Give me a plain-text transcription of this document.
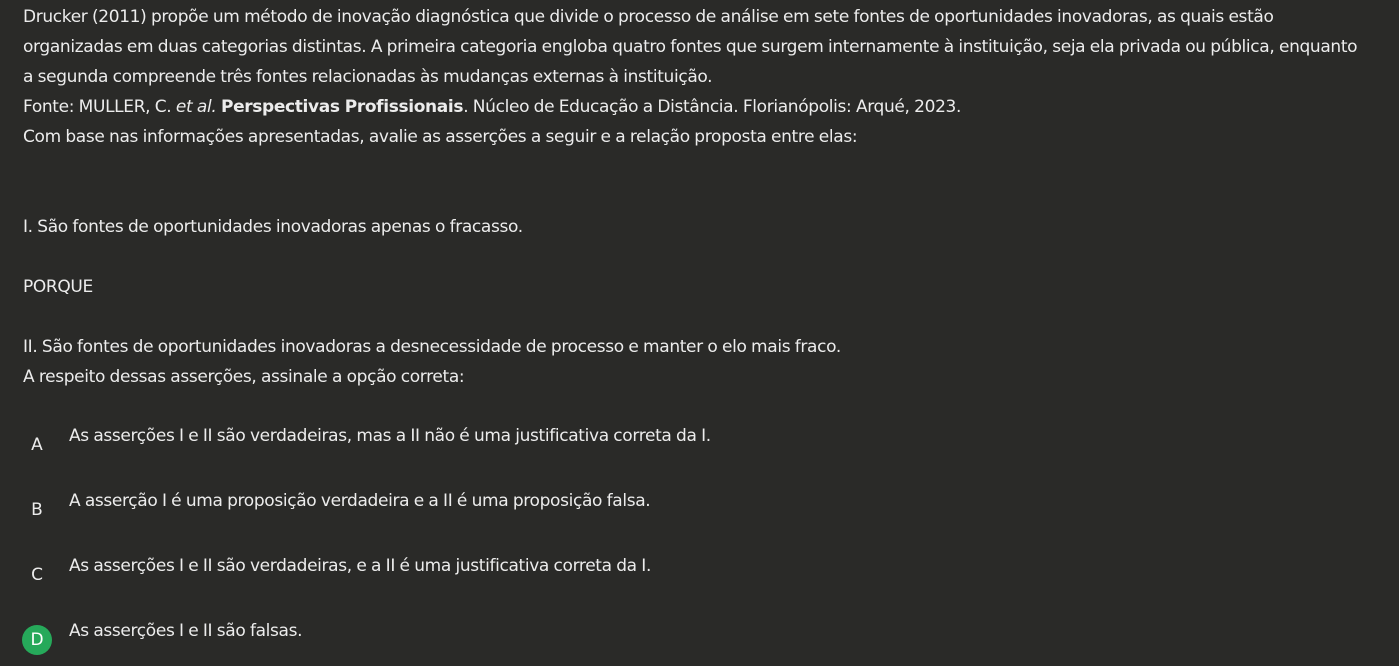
Drucker (2011) propõe um método de inovação diagnóstica que divide o processo de análise em sete fontes de oportunidades inovadoras, as quais estão
organizadas em duas categorias distintas. A primeira categoria engloba quatro fontes que surgem internamente à instituição, seja ela privada ou pública, enquanto
a segunda compreende três fontes relacionadas às mudanças externas à instituição.
Fonte: MULLER, C. et al. Perspectivas Profissionais. Núcleo de Educação a Distância. Florianópolis: Arqué, 2023.
Com base nas informações apresentadas, avalie as asserções a seguir e a relação proposta entre elas:
I. São fontes de oportunidades inovadoras apenas o fracasso.
PORQUE
II. São fontes de oportunidades inovadoras a desnecessidade de processo e manter o elo mais fraco.
A respeito dessas asserções, assinale a opção correta:
A	As asserções I e II são verdadeiras, mas a II não é uma justificativa correta da I.
B	A asserção I é uma proposição verdadeira e a II é uma proposição falsa.
C	As asserções I e II são verdadeiras, e a II é uma justificativa correta da I.
D	As asserções I e II são falsas.
